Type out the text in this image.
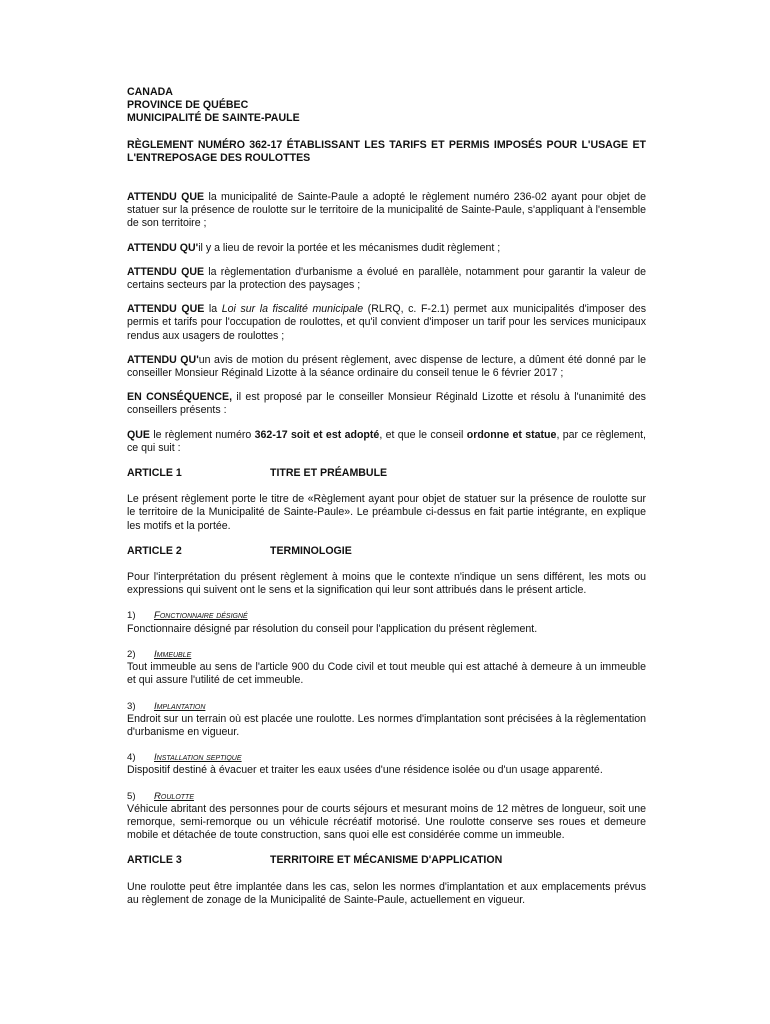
CANADA
PROVINCE DE QUÉBEC
MUNICIPALITÉ DE SAINTE-PAULE
RÈGLEMENT NUMÉRO 362-17 ÉTABLISSANT LES TARIFS ET PERMIS IMPOSÉS POUR L'USAGE ET L'ENTREPOSAGE DES ROULOTTES

ATTENDU QUE la municipalité de Sainte-Paule a adopté le règlement numéro 236-02 ayant pour objet de statuer sur la présence de roulotte sur le territoire de la municipalité de Sainte-Paule, s'appliquant à l'ensemble de son territoire ;

ATTENDU QU'il y a lieu de revoir la portée et les mécanismes dudit règlement ;

ATTENDU QUE la règlementation d'urbanisme a évolué en parallèle, notamment pour garantir la valeur de certains secteurs par la protection des paysages ;

ATTENDU QUE la Loi sur la fiscalité municipale (RLRQ, c. F-2.1) permet aux municipalités d'imposer des permis et tarifs pour l'occupation de roulottes, et qu'il convient d'imposer un tarif pour les services municipaux rendus aux usagers de roulottes ;

ATTENDU QU'un avis de motion du présent règlement, avec dispense de lecture, a dûment été donné par le conseiller Monsieur Réginald Lizotte à la séance ordinaire du conseil tenue le 6 février 2017 ;

EN CONSÉQUENCE, il est proposé par le conseiller Monsieur Réginald Lizotte et résolu à l'unanimité des conseillers présents :

QUE le règlement numéro 362-17 soit et est adopté, et que le conseil ordonne et statue, par ce règlement, ce qui suit :

ARTICLE 1	TITRE ET PRÉAMBULE

Le présent règlement porte le titre de «Règlement ayant pour objet de statuer sur la présence de roulotte sur le territoire de la Municipalité de Sainte-Paule». Le préambule ci-dessus en fait partie intégrante, en explique les motifs et la portée.

ARTICLE 2	TERMINOLOGIE

Pour l'interprétation du présent règlement à moins que le contexte n'indique un sens différent, les mots ou expressions qui suivent ont le sens et la signification qui leur sont attribués dans le présent article.

1) Fonctionnaire désigné

Fonctionnaire désigné par résolution du conseil pour l'application du présent règlement.

2) Immeuble

Tout immeuble au sens de l'article 900 du Code civil et tout meuble qui est attaché à demeure à un immeuble et qui assure l'utilité de cet immeuble.

3) Implantation

Endroit sur un terrain où est placée une roulotte. Les normes d'implantation sont précisées à la règlementation d'urbanisme en vigueur.

4) Installation septique

Dispositif destiné à évacuer et traiter les eaux usées d'une résidence isolée ou d'un usage apparenté.

5) Roulotte

Véhicule abritant des personnes pour de courts séjours et mesurant moins de 12 mètres de longueur, soit une remorque, semi-remorque ou un véhicule récréatif motorisé. Une roulotte conserve ses roues et demeure mobile et détachée de toute construction, sans quoi elle est considérée comme un immeuble.

ARTICLE 3	TERRITOIRE ET MÉCANISME D'APPLICATION

Une roulotte peut être implantée dans les cas, selon les normes d'implantation et aux emplacements prévus au règlement de zonage de la Municipalité de Sainte-Paule, actuellement en vigueur.
